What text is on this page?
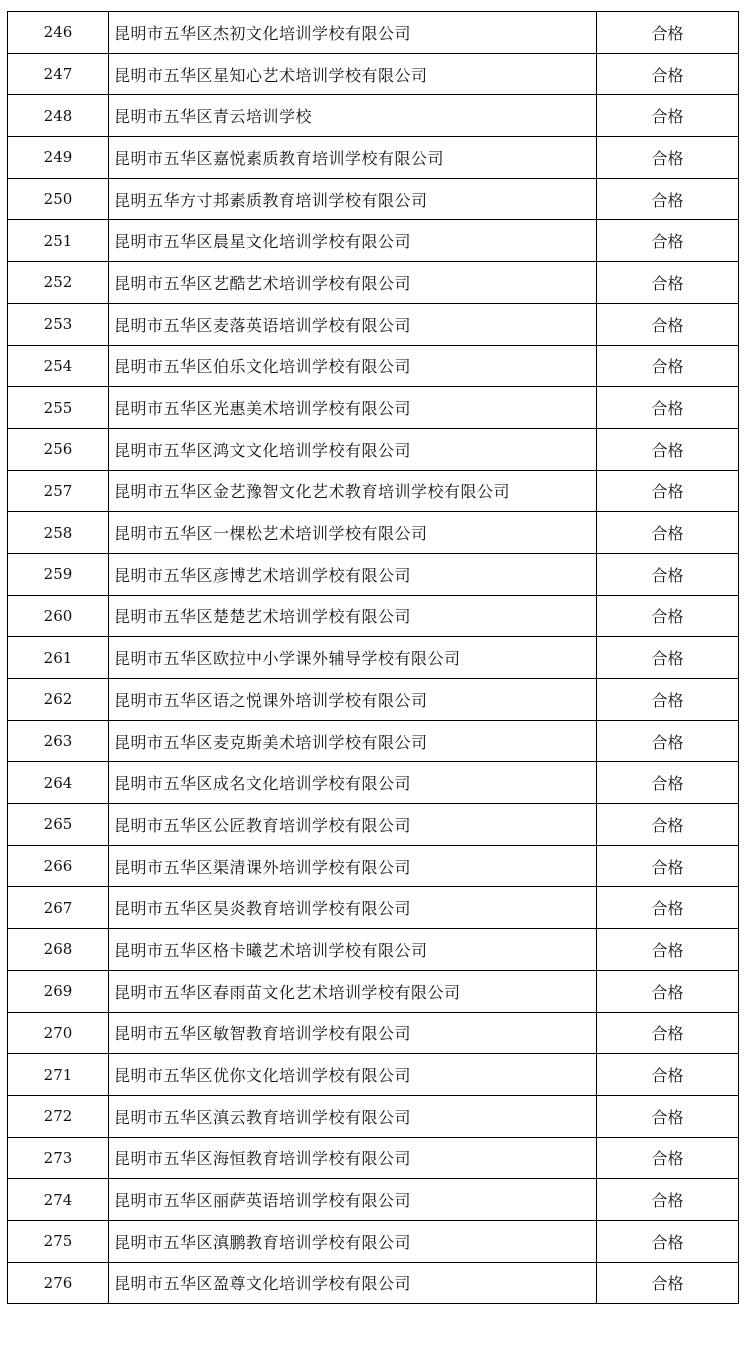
246	昆明市五华区杰初文化培训学校有限公司	合格
247	昆明市五华区星知心艺术培训学校有限公司	合格
248	昆明市五华区青云培训学校	合格
249	昆明市五华区嘉悦素质教育培训学校有限公司	合格
250	昆明五华方寸邦素质教育培训学校有限公司	合格
251	昆明市五华区晨星文化培训学校有限公司	合格
252	昆明市五华区艺酷艺术培训学校有限公司	合格
253	昆明市五华区麦落英语培训学校有限公司	合格
254	昆明市五华区伯乐文化培训学校有限公司	合格
255	昆明市五华区光惠美术培训学校有限公司	合格
256	昆明市五华区鸿文文化培训学校有限公司	合格
257	昆明市五华区金艺豫智文化艺术教育培训学校有限公司	合格
258	昆明市五华区一棵松艺术培训学校有限公司	合格
259	昆明市五华区彦博艺术培训学校有限公司	合格
260	昆明市五华区楚楚艺术培训学校有限公司	合格
261	昆明市五华区欧拉中小学课外辅导学校有限公司	合格
262	昆明市五华区语之悦课外培训学校有限公司	合格
263	昆明市五华区麦克斯美术培训学校有限公司	合格
264	昆明市五华区成名文化培训学校有限公司	合格
265	昆明市五华区公匠教育培训学校有限公司	合格
266	昆明市五华区渠清课外培训学校有限公司	合格
267	昆明市五华区昊炎教育培训学校有限公司	合格
268	昆明市五华区格卡曦艺术培训学校有限公司	合格
269	昆明市五华区春雨苗文化艺术培训学校有限公司	合格
270	昆明市五华区敏智教育培训学校有限公司	合格
271	昆明市五华区优你文化培训学校有限公司	合格
272	昆明市五华区滇云教育培训学校有限公司	合格
273	昆明市五华区海恒教育培训学校有限公司	合格
274	昆明市五华区丽萨英语培训学校有限公司	合格
275	昆明市五华区滇鹏教育培训学校有限公司	合格
276	昆明市五华区盈尊文化培训学校有限公司	合格
